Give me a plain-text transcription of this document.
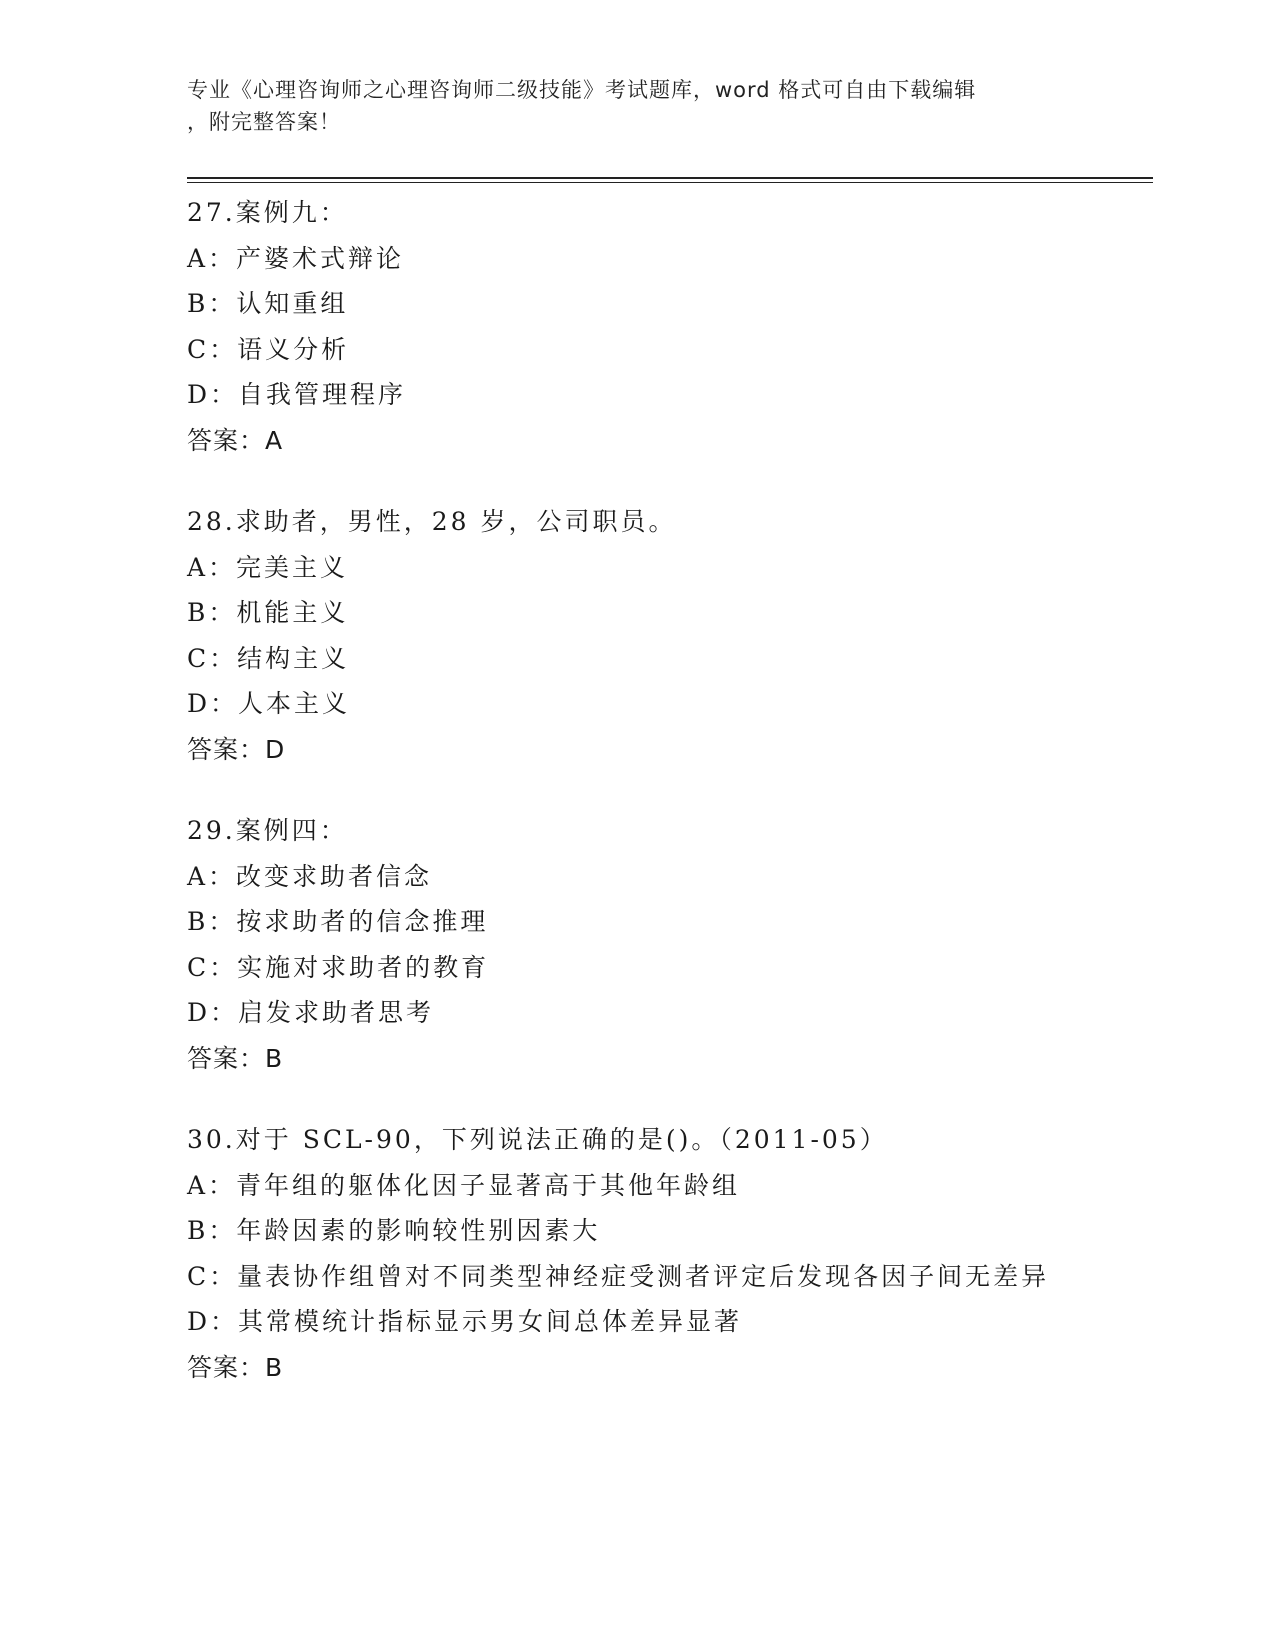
专业《心理咨询师之心理咨询师二级技能》考试题库，word 格式可自由下载编辑
，附完整答案！
27.案例九：
A：产婆术式辩论
B：认知重组
C：语义分析
D：自我管理程序
答案：A
28.求助者，男性，28 岁，公司职员。
A：完美主义
B：机能主义
C：结构主义
D：人本主义
答案：D
29.案例四：
A：改变求助者信念
B：按求助者的信念推理
C：实施对求助者的教育
D：启发求助者思考
答案：B
30.对于 SCL-90，下列说法正确的是()。（2011-05）
A：青年组的躯体化因子显著高于其他年龄组
B：年龄因素的影响较性别因素大
C：量表协作组曾对不同类型神经症受测者评定后发现各因子间无差异
D：其常模统计指标显示男女间总体差异显著
答案：B
